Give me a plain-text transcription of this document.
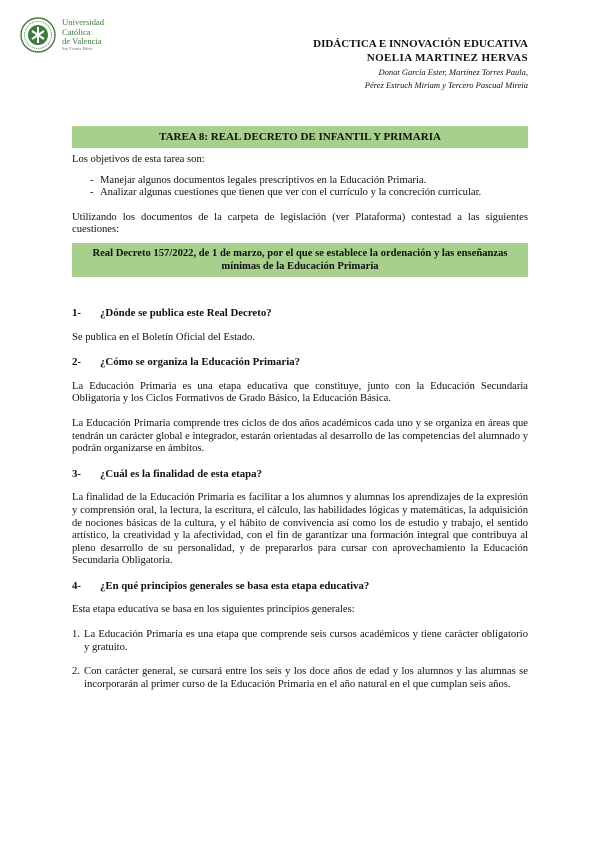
Universidad
Católica
de Valencia
San Vicente Mártir	DIDÁCTICA E INNOVACIÓN EDUCATIVA
NOELIA MARTINEZ HERVAS
Donat García Ester, Martínez Torres Paula,
Pérez Estruch Miriam y Tercero Pascual Mireia
TAREA 8: REAL DECRETO DE INFANTIL Y PRIMARIA

Los objetivos de esta tarea son:

- Manejar algunos documentos legales prescriptivos en la Educación Primaria.
- Analizar algunas cuestiones que tienen que ver con el currículo y la concreción curricular.

Utilizando los documentos de la carpeta de legislación (ver Plataforma) contestad a las siguientes cuestiones:

Real Decreto 157/2022, de 1 de marzo, por el que se establece la ordenación y las enseñanzas mínimas de la Educación Primaria
1-	¿Dónde se publica este Real Decreto?

Se publica en el Boletín Oficial del Estado.

2-	¿Cómo se organiza la Educación Primaria?

La Educación Primaria es una etapa educativa que constituye, junto con la Educación Secundaria Obligatoria y los Ciclos Formativos de Grado Básico, la Educación Básica.

La Educación Primaria comprende tres ciclos de dos años académicos cada uno y se organiza en áreas que tendrán un carácter global e integrador, estarán orientadas al desarrollo de las competencias del alumnado y podrán organizarse en ámbitos.

3-	¿Cuál es la finalidad de esta etapa?

La finalidad de la Educación Primaria es facilitar a los alumnos y alumnas los aprendizajes de la expresión y comprensión oral, la lectura, la escritura, el cálculo, las habilidades lógicas y matemáticas, la adquisición de nociones básicas de la cultura, y el hábito de convivencia así como los de estudio y trabajo, el sentido artístico, la creatividad y la afectividad, con el fin de garantizar una formación integral que contribuya al pleno desarrollo de su personalidad, y de prepararlos para cursar con aprovechamiento la Educación Secundaria Obligatoria.

4-	¿En qué principios generales se basa esta etapa educativa?

Esta etapa educativa se basa en los siguientes principios generales:

1. La Educación Primaria es una etapa que comprende seis cursos académicos y tiene carácter obligatorio y gratuito.
2. Con carácter general, se cursará entre los seis y los doce años de edad y los alumnos y las alumnas se incorporarán al primer curso de la Educación Primaria en el año natural en el que cumplan seis años.
